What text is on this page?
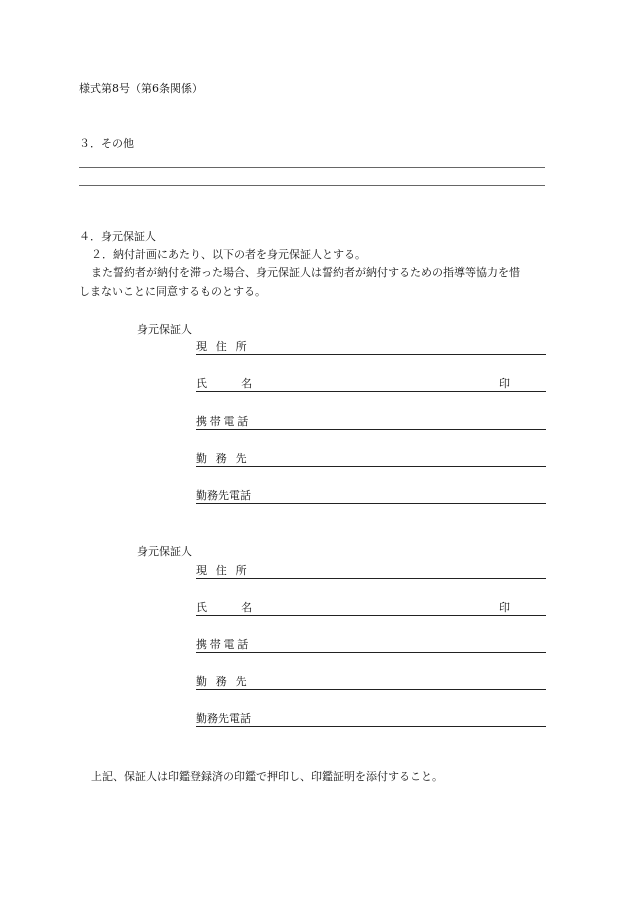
様式第8号（第6条関係）
３．その他
４．身元保証人
２．納付計画にあたり、以下の者を身元保証人とする。
また誓約者が納付を滞った場合、身元保証人は誓約者が納付するための指導等協力を惜
しまないことに同意するものとする。
身元保証人
現住所
氏名	印
携帯電話
勤務先
勤務先電話
身元保証人
現住所
氏名	印
携帯電話
勤務先
勤務先電話
上記、保証人は印鑑登録済の印鑑で押印し、印鑑証明を添付すること。
